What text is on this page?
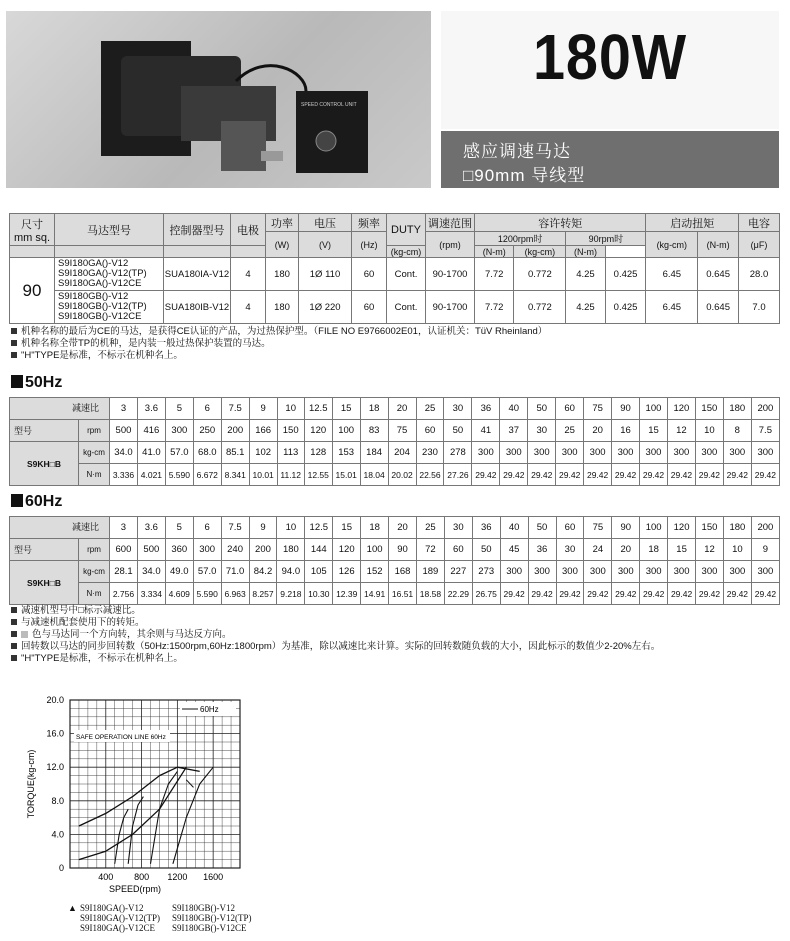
SPEED CONTROL UNIT
180W
感应调速马达
□90mm 导线型
尺寸
mm sq.	马达型号	控制器型号	电极	功率	电压	频率	DUTY	调速范围	容许转矩				启动扭矩		电容
				(W)	(V)	(Hz)		(rpm)	1200rpm时		90rpm时		(kg-cm)	(N-m)	(μF)
							(kg-cm)		(N-m)	(kg-cm)	(N-m)				
90	S9I180GA()-V12
S9I180GA()-V12(TP)
S9I180GA()-V12CE	SUA180IA-V12	4	180	1Ø 110	60	Cont.	90-1700	7.72	0.772	4.25	0.425	6.45	0.645	28.0

	S9I180GB()-V12
S9I180GB()-V12(TP)
S9I180GB()-V12CE	SUA180IB-V12	4	180	1Ø 220	60	Cont.	90-1700	7.72	0.772	4.25	0.425	6.45	0.645	7.0
机种名称的最后为CE的马达，是获得CE认证的产品，为过热保护型。（FILE NO E9766002E01，认证机关：TüV Rheinland）
机种名称全带TP的机种，是内装一般过热保护装置的马达。
"H"TYPE是标准，不标示在机种名上。
50Hz
减速比		3	3.6	5	6	7.5	9	10	12.5	15	18	20	25	30	36	40	50	60	75	90	100	120	150	180	200
型号	rpm	500	416	300	250	200	166	150	120	100	83	75	60	50	41	37	30	25	20	16	15	12	10	8	7.5
S9KH□B	kg-cm	34.0	41.0	57.0	68.0	85.1	102	113	128	153	184	204	230	278	300	300	300	300	300	300	300	300	300	300	300
	N·m	3.336	4.021	5.590	6.672	8.341	10.01	11.12	12.55	15.01	18.04	20.02	22.56	27.26	29.42	29.42	29.42	29.42	29.42	29.42	29.42	29.42	29.42	29.42	29.42
60Hz
减速比		3	3.6	5	6	7.5	9	10	12.5	15	18	20	25	30	36	40	50	60	75	90	100	120	150	180	200
型号	rpm	600	500	360	300	240	200	180	144	120	100	90	72	60	50	45	36	30	24	20	18	15	12	10	9
S9KH□B	kg-cm	28.1	34.0	49.0	57.0	71.0	84.2	94.0	105	126	152	168	189	227	273	300	300	300	300	300	300	300	300	300	300
	N·m	2.756	3.334	4.609	5.590	6.963	8.257	9.218	10.30	12.39	14.91	16.51	18.58	22.29	26.75	29.42	29.42	29.42	29.42	29.42	29.42	29.42	29.42	29.42	29.42
减速机型号中□标示减速比。
与减速机配套使用下的转矩。
色与马达同一个方向转，其余则与马达反方向。
回转数以马达的同步回转数（50Hz:1500rpm,60Hz:1800rpm）为基准，除以减速比来计算。实际的回转数随负载的大小，因此标示的数值少2-20%左右。
"H"TYPE是标准，不标示在机种名上。
0
4.0
8.0
12.0
16.0
20.0
400 800 1200 1600
SPEED(rpm)
TORQUE(kg-cm)
60Hz
SAFE OPERATION LINE 60Hz
▲ S9I180GA()-V12	S9I180GB()-V12
S9I180GA()-V12(TP)	S9I180GB()-V12(TP)
S9I180GA()-V12CE	S9I180GB()-V12CE
